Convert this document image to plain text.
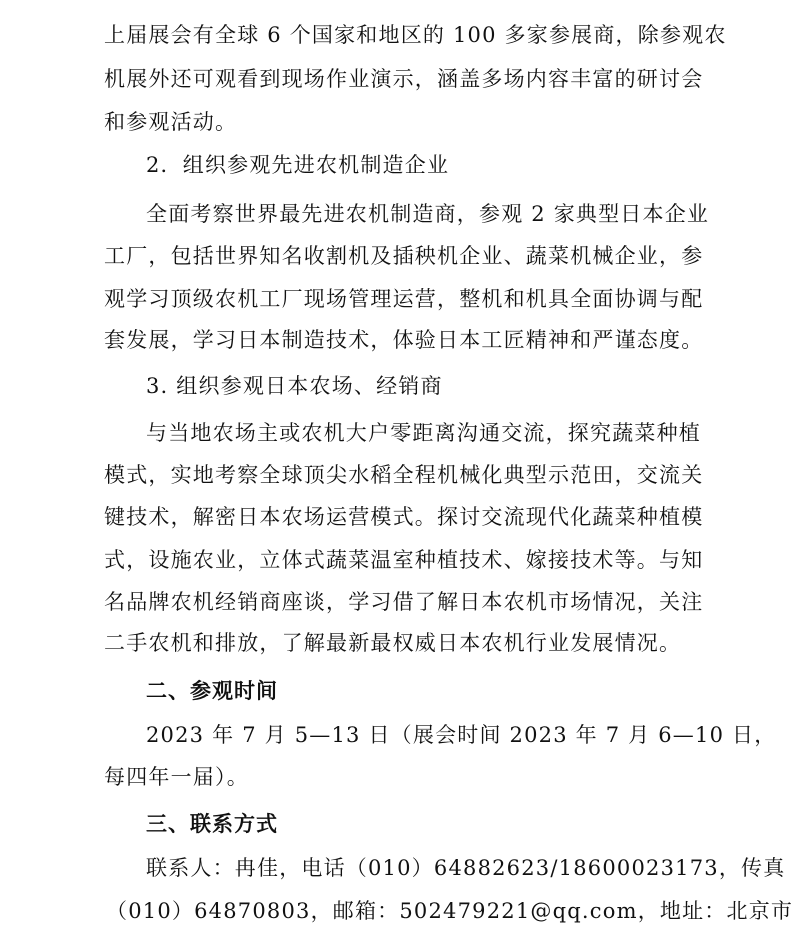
上届展会有全球 6 个国家和地区的 100 多家参展商，除参观农
机展外还可观看到现场作业演示，涵盖多场内容丰富的研讨会
和参观活动。
2．组织参观先进农机制造企业
全面考察世界最先进农机制造商，参观 2 家典型日本企业
工厂，包括世界知名收割机及插秧机企业、蔬菜机械企业，参
观学习顶级农机工厂现场管理运营，整机和机具全面协调与配
套发展，学习日本制造技术，体验日本工匠精神和严谨态度。
3. 组织参观日本农场、经销商
与当地农场主或农机大户零距离沟通交流，探究蔬菜种植
模式，实地考察全球顶尖水稻全程机械化典型示范田，交流关
键技术，解密日本农场运营模式。探讨交流现代化蔬菜种植模
式，设施农业，立体式蔬菜温室种植技术、嫁接技术等。与知
名品牌农机经销商座谈，学习借了解日本农机市场情况，关注
二手农机和排放，了解最新最权威日本农机行业发展情况。
二、参观时间
2023 年 7 月 5—13 日（展会时间 2023 年 7 月 6—10 日，
每四年一届）。
三、联系方式
联系人：冉佳，电话（010）64882623/18600023173，传真
（010）64870803，邮箱：502479221@qq.com，地址：北京市
